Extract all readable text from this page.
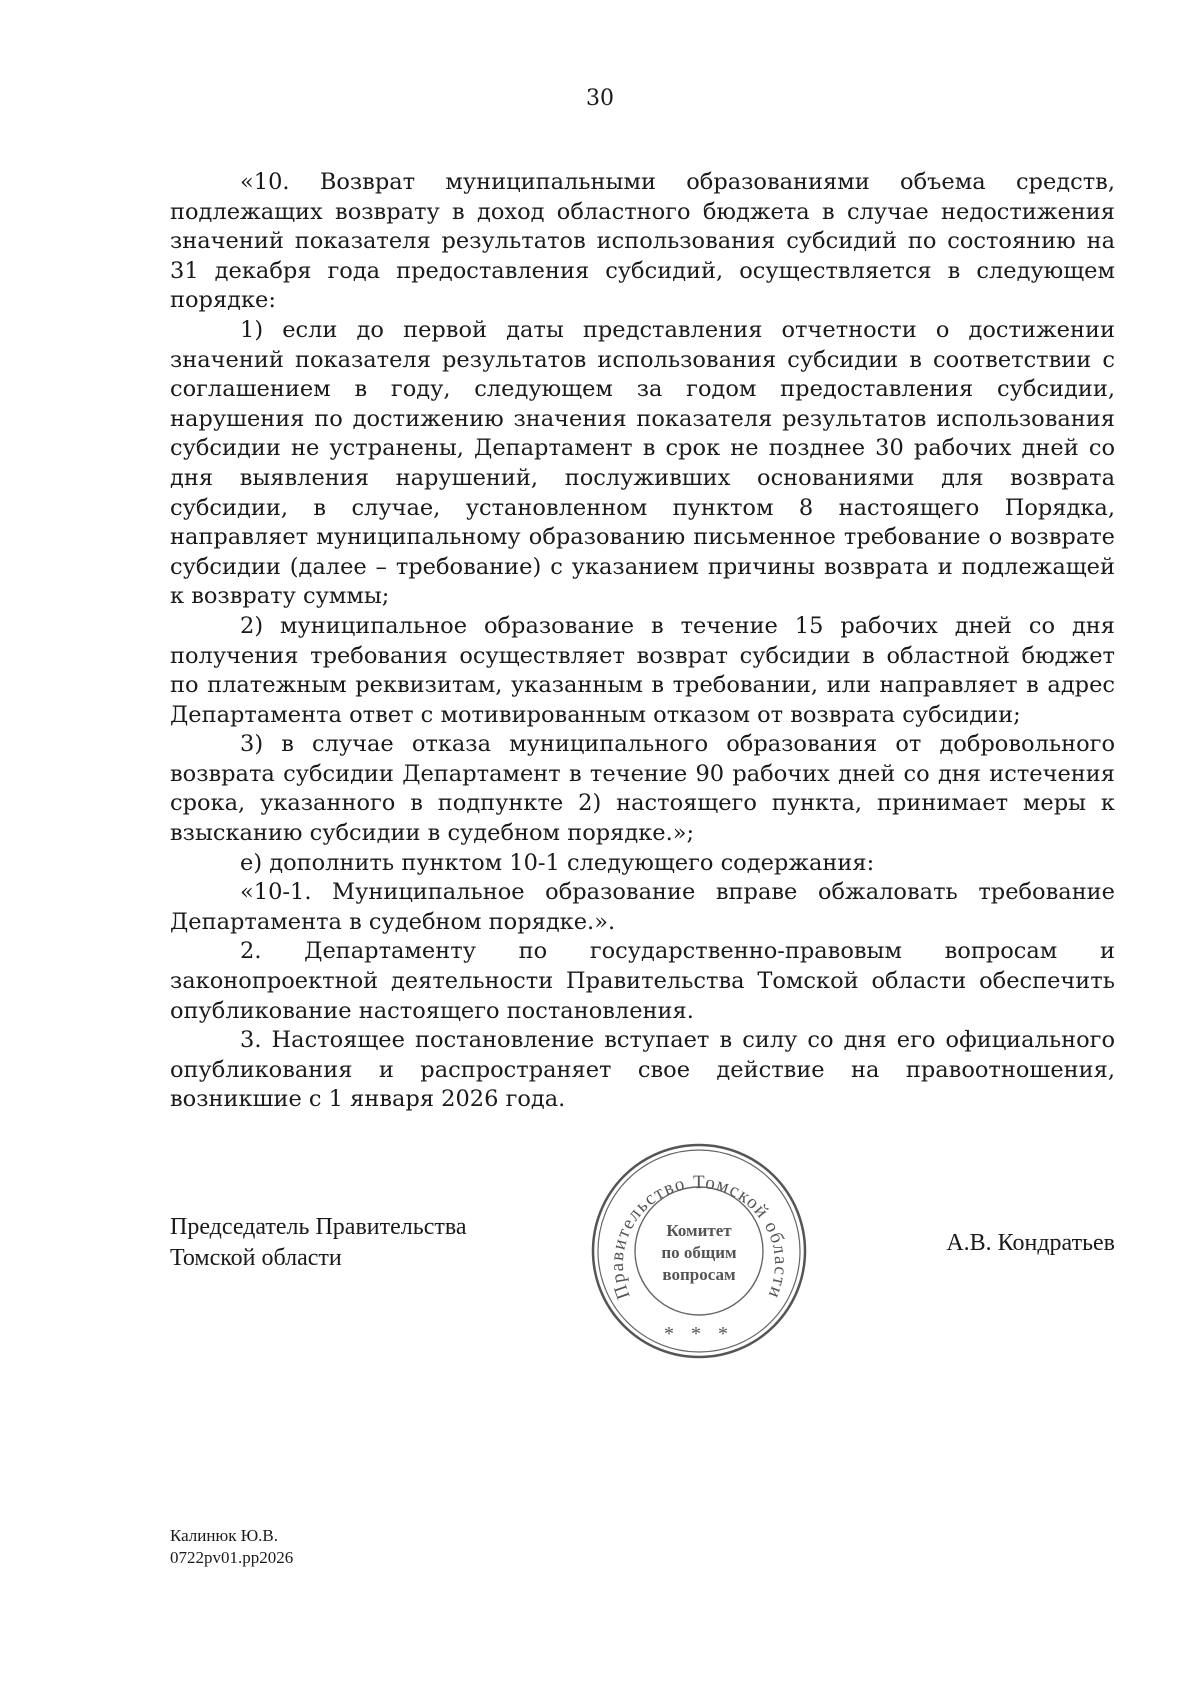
30

«10. Возврат муниципальными образованиями объема средств, подлежащих возврату в доход областного бюджета в случае недостижения значений показателя результатов использования субсидий по состоянию на 31 декабря года предоставления субсидий, осуществляется в следующем порядке:

1) если до первой даты представления отчетности о достижении значений показателя результатов использования субсидии в соответствии с соглашением в году, следующем за годом предоставления субсидии, нарушения по достижению значения показателя результатов использования субсидии не устранены, Департамент в срок не позднее 30 рабочих дней со дня выявления нарушений, послуживших основаниями для возврата субсидии, в случае, установленном пунктом 8 настоящего Порядка, направляет муниципальному образованию письменное требование о возврате субсидии (далее – требование) с указанием причины возврата и подлежащей к возврату суммы;

2) муниципальное образование в течение 15 рабочих дней со дня получения требования осуществляет возврат субсидии в областной бюджет по платежным реквизитам, указанным в требовании, или направляет в адрес Департамента ответ с мотивированным отказом от возврата субсидии;

3) в случае отказа муниципального образования от добровольного возврата субсидии Департамент в течение 90 рабочих дней со дня истечения срока, указанного в подпункте 2) настоящего пункта, принимает меры к взысканию субсидии в судебном порядке.»;

е) дополнить пунктом 10-1 следующего содержания:

«10-1. Муниципальное образование вправе обжаловать требование Департамента в судебном порядке.».

2. Департаменту по государственно-правовым вопросам и законопроектной деятельности Правительства Томской области обеспечить опубликование настоящего постановления.

3. Настоящее постановление вступает в силу со дня его официального опубликования и распространяет свое действие на правоотношения, возникшие с 1 января 2026 года.

Председатель Правительства
Томской области
Правительство Томской области
Комитет
по общим
вопросам
* * *
А.В. Кондратьев
Калинюк Ю.В.
0722pv01.pp2026
